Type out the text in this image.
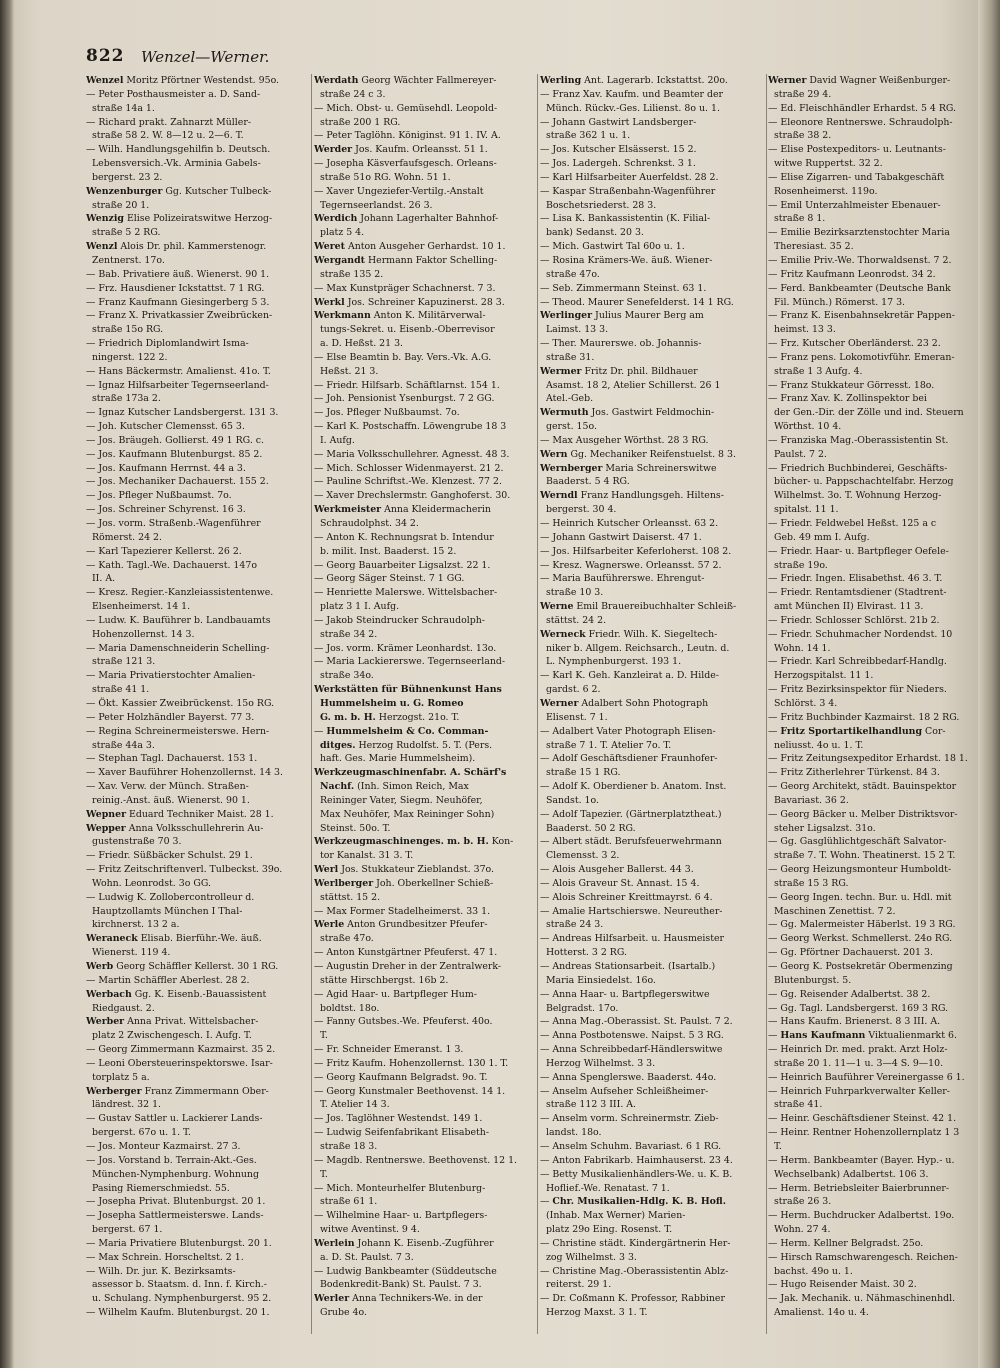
822 Wenzel—Werner.
Wenzel Moritz Pförtner Westendst. 95o.
— Peter Posthausmeister a. D. Sand-
straße 14a 1.
— Richard prakt. Zahnarzt Müller-
straße 58 2. W. 8—12 u. 2—6. T.
— Wilh. Handlungsgehilfin b. Deutsch.
Lebensversich.-Vk. Arminia Gabels-
bergerst. 23 2.
Wenzenburger Gg. Kutscher Tulbeck-
straße 20 1.
Wenzig Elise Polizeiratswitwe Herzog-
straße 5 2 RG.
Wenzl Alois Dr. phil. Kammerstenogr.
Zentnerst. 17o.
— Bab. Privatiere äuß. Wienerst. 90 1.
— Frz. Hausdiener Ickstattst. 7 1 RG.
— Franz Kaufmann Giesingerberg 5 3.
— Franz X. Privatkassier Zweibrücken-
straße 15o RG.
— Friedrich Diplomlandwirt Isma-
ningerst. 122 2.
— Hans Bäckermstr. Amalienst. 41o. T.
— Ignaz Hilfsarbeiter Tegernseerland-
straße 173a 2.
— Ignaz Kutscher Landsbergerst. 131 3.
— Joh. Kutscher Clemensst. 65 3.
— Jos. Bräugeh. Gollierst. 49 1 RG. c.
— Jos. Kaufmann Blutenburgst. 85 2.
— Jos. Kaufmann Herrnst. 44 a 3.
— Jos. Mechaniker Dachauerst. 155 2.
— Jos. Pfleger Nußbaumst. 7o.
— Jos. Schreiner Schyrenst. 16 3.
— Jos. vorm. Straßenb.-Wagenführer
Römerst. 24 2.
— Karl Tapezierer Kellerst. 26 2.
— Kath. Tagl.-We. Dachauerst. 147o
II. A.
— Kresz. Regier.-Kanzleiassistentenwe.
Elsenheimerst. 14 1.
— Ludw. K. Bauführer b. Landbauamts
Hohenzollernst. 14 3.
— Maria Damenschneiderin Schelling-
straße 121 3.
— Maria Privatierstochter Amalien-
straße 41 1.
— Ökt. Kassier Zweibrückenst. 15o RG.
— Peter Holzhändler Bayerst. 77 3.
— Regina Schreinermeisterswe. Hern-
straße 44a 3.
— Stephan Tagl. Dachauerst. 153 1.
— Xaver Bauführer Hohenzollernst. 14 3.
— Xav. Verw. der Münch. Straßen-
reinig.-Anst. äuß. Wienerst. 90 1.
Wepner Eduard Techniker Maist. 28 1.
Wepper Anna Volksschullehrerin Au-
gustenstraße 70 3.
— Friedr. Süßbäcker Schulst. 29 1.
— Fritz Zeitschriftenverl. Tulbeckst. 39o.
Wohn. Leonrodst. 3o GG.
— Ludwig K. Zollobercontrolleur d.
Hauptzollamts München I Thal-
kirchnerst. 13 2 a.
Weraneck Elisab. Bierführ.-We. äuß.
Wienerst. 119 4.
Werb Georg Schäffler Kellerst. 30 1 RG.
— Martin Schäffler Aberlest. 28 2.
Werbach Gg. K. Eisenb.-Bauassistent
Riedgaust. 2.
Werber Anna Privat. Wittelsbacher-
platz 2 Zwischengesch. I. Aufg. T.
— Georg Zimmermann Kazmairst. 35 2.
— Leoni Obersteuerinspektorswe. Isar-
torplatz 5 a.
Werberger Franz Zimmermann Ober-
ländrest. 32 1.
— Gustav Sattler u. Lackierer Lands-
bergerst. 67o u. 1. T.
— Jos. Monteur Kazmairst. 27 3.
— Jos. Vorstand b. Terrain-Akt.-Ges.
München-Nymphenburg. Wohnung
Pasing Riemerschmiedst. 55.
— Josepha Privat. Blutenburgst. 20 1.
— Josepha Sattlermeisterswe. Lands-
bergerst. 67 1.
— Maria Privatiere Blutenburgst. 20 1.
— Max Schrein. Horscheltst. 2 1.
— Wilh. Dr. jur. K. Bezirksamts-
assessor b. Staatsm. d. Inn. f. Kirch.-
u. Schulang. Nymphenburgerst. 95 2.
— Wilhelm Kaufm. Blutenburgst. 20 1.
Werdath Georg Wächter Fallmereyer-
straße 24 c 3.
— Mich. Obst- u. Gemüsehdl. Leopold-
straße 200 1 RG.
— Peter Taglöhn. Königinst. 91 1. IV. A.
Werder Jos. Kaufm. Orleansst. 51 1.
— Josepha Käsverfaufsgesch. Orleans-
straße 51o RG. Wohn. 51 1.
— Xaver Ungeziefer-Vertilg.-Anstalt
Tegernseerlandst. 26 3.
Werdich Johann Lagerhalter Bahnhof-
platz 5 4.
Weret Anton Ausgeher Gerhardst. 10 1.
Wergandt Hermann Faktor Schelling-
straße 135 2.
— Max Kunstpräger Schachnerst. 7 3.
Werkl Jos. Schreiner Kapuzinerst. 28 3.
Werkmann Anton K. Militärverwal-
tungs-Sekret. u. Eisenb.-Oberrevisor
a. D. Heßst. 21 3.
— Else Beamtin b. Bay. Vers.-Vk. A.G.
Heßst. 21 3.
— Friedr. Hilfsarb. Schäftlarnst. 154 1.
— Joh. Pensionist Ysenburgst. 7 2 GG.
— Jos. Pfleger Nußbaumst. 7o.
— Karl K. Postschaffn. Löwengrube 18 3
I. Aufg.
— Maria Volksschullehrer. Agnesst. 48 3.
— Mich. Schlosser Widenmayerst. 21 2.
— Pauline Schriftst.-We. Klenzest. 77 2.
— Xaver Drechslermstr. Ganghoferst. 30.
Werkmeister Anna Kleidermacherin
Schraudolphst. 34 2.
— Anton K. Rechnungsrat b. Intendur
b. milit. Inst. Baaderst. 15 2.
— Georg Bauarbeiter Ligsalzst. 22 1.
— Georg Säger Steinst. 7 1 GG.
— Henriette Malerswe. Wittelsbacher-
platz 3 1 I. Aufg.
— Jakob Steindrucker Schraudolph-
straße 34 2.
— Jos. vorm. Krämer Leonhardst. 13o.
— Maria Lackiererswe. Tegernseerland-
straße 34o.
Werkstätten für Bühnenkunst Hans
Hummelsheim u. G. Romeo
G. m. b. H. Herzogst. 21o. T.
— Hummelsheim & Co. Comman-
ditges. Herzog Rudolfst. 5. T. (Pers.
haft. Ges. Marie Hummelsheim).
Werkzeugmaschinenfabr. A. Schärf's
Nachf. (Inh. Simon Reich, Max
Reininger Vater, Siegm. Neuhöfer,
Max Neuhöfer, Max Reininger Sohn)
Steinst. 50o. T.
Werkzeugmaschinenges. m. b. H. Kon-
tor Kanalst. 31 3. T.
Werl Jos. Stukkateur Zieblandst. 37o.
Werlberger Joh. Oberkellner Schieß-
stättst. 15 2.
— Max Former Stadelheimerst. 33 1.
Werle Anton Grundbesitzer Pfeufer-
straße 47o.
— Anton Kunstgärtner Pfeuferst. 47 1.
— Augustin Dreher in der Zentralwerk-
stätte Hirschbergst. 16b 2.
— Agid Haar- u. Bartpfleger Hum-
boldtst. 18o.
— Fanny Gutsbes.-We. Pfeuferst. 40o.
T.
— Fr. Schneider Emeranst. 1 3.
— Fritz Kaufm. Hohenzollernst. 130 1. T.
— Georg Kaufmann Belgradst. 9o. T.
— Georg Kunstmaler Beethovenst. 14 1.
T. Atelier 14 3.
— Jos. Taglöhner Westendst. 149 1.
— Ludwig Seifenfabrikant Elisabeth-
straße 18 3.
— Magdb. Rentnerswe. Beethovenst. 12 1.
T.
— Mich. Monteurhelfer Blutenburg-
straße 61 1.
— Wilhelmine Haar- u. Bartpflegers-
witwe Aventinst. 9 4.
Werlein Johann K. Eisenb.-Zugführer
a. D. St. Paulst. 7 3.
— Ludwig Bankbeamter (Süddeutsche
Bodenkredit-Bank) St. Paulst. 7 3.
Werler Anna Technikers-We. in der
Grube 4o.
Werling Ant. Lagerarb. Ickstattst. 20o.
— Franz Xav. Kaufm. und Beamter der
Münch. Rückv.-Ges. Lilienst. 8o u. 1.
— Johann Gastwirt Landsberger-
straße 362 1 u. 1.
— Jos. Kutscher Elsässerst. 15 2.
— Jos. Ladergeh. Schrenkst. 3 1.
— Karl Hilfsarbeiter Auerfeldst. 28 2.
— Kaspar Straßenbahn-Wagenführer
Boschetsriederst. 28 3.
— Lisa K. Bankassistentin (K. Filial-
bank) Sedanst. 20 3.
— Mich. Gastwirt Tal 60o u. 1.
— Rosina Krämers-We. äuß. Wiener-
straße 47o.
— Seb. Zimmermann Steinst. 63 1.
— Theod. Maurer Senefelderst. 14 1 RG.
Werlinger Julius Maurer Berg am
Laimst. 13 3.
— Ther. Maurerswe. ob. Johannis-
straße 31.
Wermer Fritz Dr. phil. Bildhauer
Asamst. 18 2, Atelier Schillerst. 26 1
Atel.-Geb.
Wermuth Jos. Gastwirt Feldmochin-
gerst. 15o.
— Max Ausgeher Wörthst. 28 3 RG.
Wern Gg. Mechaniker Reifenstuelst. 8 3.
Wernberger Maria Schreinerswitwe
Baaderst. 5 4 RG.
Werndl Franz Handlungsgeh. Hiltens-
bergerst. 30 4.
— Heinrich Kutscher Orleansst. 63 2.
— Johann Gastwirt Daiserst. 47 1.
— Jos. Hilfsarbeiter Keferloherst. 108 2.
— Kresz. Wagnerswe. Orleansst. 57 2.
— Maria Bauführerswe. Ehrengut-
straße 10 3.
Werne Emil Brauereibuchhalter Schleiß-
stättst. 24 2.
Werneck Friedr. Wilh. K. Siegeltech-
niker b. Allgem. Reichsarch., Leutn. d.
L. Nymphenburgerst. 193 1.
— Karl K. Geh. Kanzleirat a. D. Hilde-
gardst. 6 2.
Werner Adalbert Sohn Photograph
Elisenst. 7 1.
— Adalbert Vater Photograph Elisen-
straße 7 1. T. Atelier 7o. T.
— Adolf Geschäftsdiener Fraunhofer-
straße 15 1 RG.
— Adolf K. Oberdiener b. Anatom. Inst.
Sandst. 1o.
— Adolf Tapezier. (Gärtnerplatztheat.)
Baaderst. 50 2 RG.
— Albert städt. Berufsfeuerwehrmann
Clemensst. 3 2.
— Alois Ausgeher Ballerst. 44 3.
— Alois Graveur St. Annast. 15 4.
— Alois Schreiner Kreittmayrst. 6 4.
— Amalie Hartschierswe. Neureuther-
straße 24 3.
— Andreas Hilfsarbeit. u. Hausmeister
Hotterst. 3 2 RG.
— Andreas Stationsarbeit. (Isartalb.)
Maria Einsiedelst. 16o.
— Anna Haar- u. Bartpflegerswitwe
Belgradst. 17o.
— Anna Mag.-Oberassist. St. Paulst. 7 2.
— Anna Postbotenswe. Naipst. 5 3 RG.
— Anna Schreibbedarf-Händlerswitwe
Herzog Wilhelmst. 3 3.
— Anna Spenglerswe. Baaderst. 44o.
— Anselm Aufseher Schleißheimer-
straße 112 3 III. A.
— Anselm vorm. Schreinermstr. Zieb-
landst. 18o.
— Anselm Schuhm. Bavariast. 6 1 RG.
— Anton Fabrikarb. Haimhauserst. 23 4.
— Betty Musikalienhändlers-We. u. K. B.
Hoflief.-We. Renatast. 7 1.
— Chr. Musikalien-Hdlg. K. B. Hofl.
(Inhab. Max Werner) Marien-
platz 29o Eing. Rosenst. T.
— Christine städt. Kindergärtnerin Her-
zog Wilhelmst. 3 3.
— Christine Mag.-Oberassistentin Ablz-
reiterst. 29 1.
— Dr. Coßmann K. Professor, Rabbiner
Herzog Maxst. 3 1. T.
Werner David Wagner Weißenburger-
straße 29 4.
— Ed. Fleischhändler Erhardst. 5 4 RG.
— Eleonore Rentnerswe. Schraudolph-
straße 38 2.
— Elise Postexpeditors- u. Leutnants-
witwe Ruppertst. 32 2.
— Elise Zigarren- und Tabakgeschäft
Rosenheimerst. 119o.
— Emil Unterzahlmeister Ebenauer-
straße 8 1.
— Emilie Bezirksarztenstochter Maria
Theresiast. 35 2.
— Emilie Priv.-We. Thorwaldsenst. 7 2.
— Fritz Kaufmann Leonrodst. 34 2.
— Ferd. Bankbeamter (Deutsche Bank
Fil. Münch.) Römerst. 17 3.
— Franz K. Eisenbahnsekretär Pappen-
heimst. 13 3.
— Frz. Kutscher Oberländerst. 23 2.
— Franz pens. Lokomotivführ. Emeran-
straße 1 3 Aufg. 4.
— Franz Stukkateur Görresst. 18o.
— Franz Xav. K. Zollinspektor bei
der Gen.-Dir. der Zölle und ind. Steuern
Wörthst. 10 4.
— Franziska Mag.-Oberassistentin St.
Paulst. 7 2.
— Friedrich Buchbinderei, Geschäfts-
bücher- u. Pappschachtelfabr. Herzog
Wilhelmst. 3o. T. Wohnung Herzog-
spitalst. 11 1.
— Friedr. Feldwebel Heßst. 125 a c
Geb. 49 mm I. Aufg.
— Friedr. Haar- u. Bartpfleger Oefele-
straße 19o.
— Friedr. Ingen. Elisabethst. 46 3. T.
— Friedr. Rentamtsdiener (Stadtrent-
amt München II) Elvirast. 11 3.
— Friedr. Schlosser Schlörst. 21b 2.
— Friedr. Schuhmacher Nordendst. 10
Wohn. 14 1.
— Friedr. Karl Schreibbedarf-Handlg.
Herzogspitalst. 11 1.
— Fritz Bezirksinspektor für Nieders.
Schlörst. 3 4.
— Fritz Buchbinder Kazmairst. 18 2 RG.
— Fritz Sportartikelhandlung Cor-
neliusst. 4o u. 1. T.
— Fritz Zeitungsexpeditor Erhardst. 18 1.
— Fritz Zitherlehrer Türkenst. 84 3.
— Georg Architekt, städt. Bauinspektor
Bavariast. 36 2.
— Georg Bäcker u. Melber Distriktsvor-
steher Ligsalzst. 31o.
— Gg. Gasglühlichtgeschäft Salvator-
straße 7. T. Wohn. Theatinerst. 15 2 T.
— Georg Heizungsmonteur Humboldt-
straße 15 3 RG.
— Georg Ingen. techn. Bur. u. Hdl. mit
Maschinen Zenettist. 7 2.
— Gg. Malermeister Häberlst. 19 3 RG.
— Georg Werkst. Schmellerst. 24o RG.
— Gg. Pförtner Dachauerst. 201 3.
— Georg K. Postsekretär Obermenzing
Blutenburgst. 5.
— Gg. Reisender Adalbertst. 38 2.
— Gg. Tagl. Landsbergerst. 169 3 RG.
— Hans Kaufm. Brienerst. 8 3 III. A.
— Hans Kaufmann Viktualienmarkt 6.
— Heinrich Dr. med. prakt. Arzt Holz-
straße 20 1. 11—1 u. 3—4 S. 9—10.
— Heinrich Bauführer Vereinergasse 6 1.
— Heinrich Fuhrparkverwalter Keller-
straße 41.
— Heinr. Geschäftsdiener Steinst. 42 1.
— Heinr. Rentner Hohenzollernplatz 1 3
T.
— Herm. Bankbeamter (Bayer. Hyp.- u.
Wechselbank) Adalbertst. 106 3.
— Herm. Betriebsleiter Baierbrunner-
straße 26 3.
— Herm. Buchdrucker Adalbertst. 19o.
Wohn. 27 4.
— Herm. Kellner Belgradst. 25o.
— Hirsch Ramschwarengesch. Reichen-
bachst. 49o u. 1.
— Hugo Reisender Maist. 30 2.
— Jak. Mechanik. u. Nähmaschinenhdl.
Amalienst. 14o u. 4.
